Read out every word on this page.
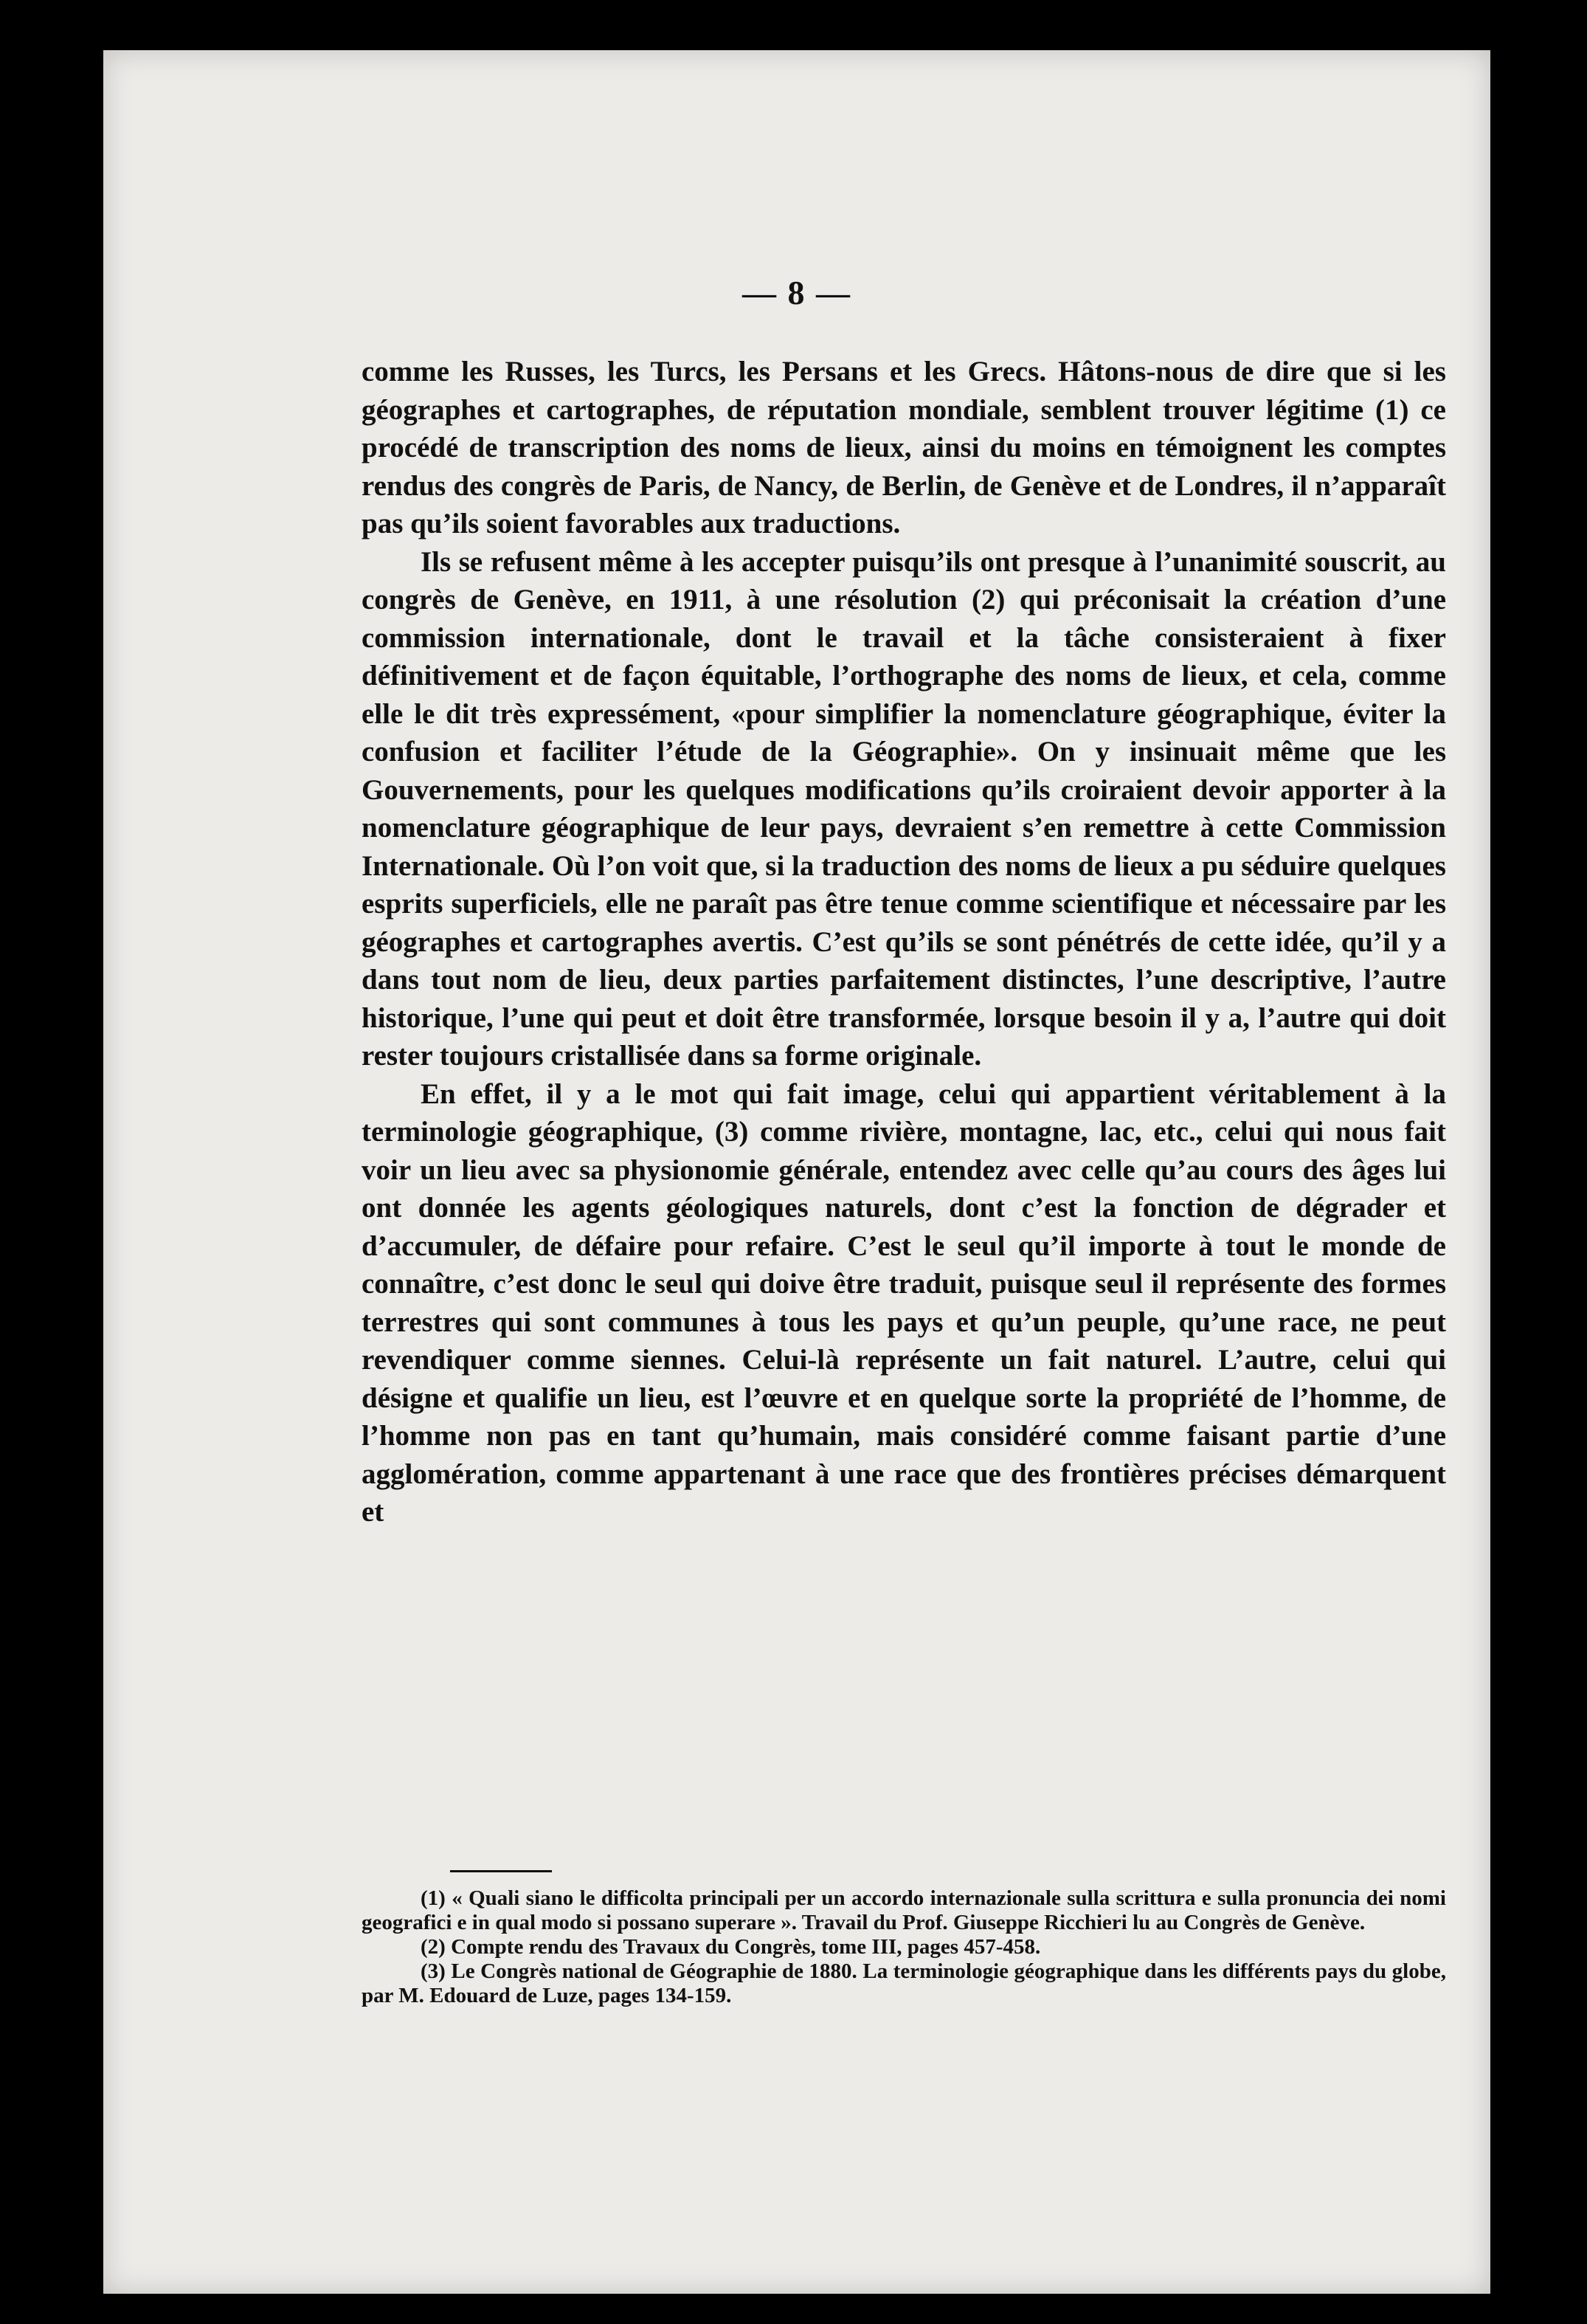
— 8 —

comme les Russes, les Turcs, les Persans et les Grecs. Hâtons-nous de dire que si les géographes et cartographes, de réputation mondiale, semblent trouver légitime (1) ce procédé de transcription des noms de lieux, ainsi du moins en témoignent les comptes rendus des congrès de Paris, de Nancy, de Berlin, de Genève et de Londres, il n’apparaît pas qu’ils soient favorables aux traductions.

Ils se refusent même à les accepter puisqu’ils ont presque à l’unanimité souscrit, au congrès de Genève, en 1911, à une résolution (2) qui préconisait la création d’une commission internationale, dont le travail et la tâche consisteraient à fixer définitivement et de façon équitable, l’orthographe des noms de lieux, et cela, comme elle le dit très expressément, «pour simplifier la nomenclature géographique, éviter la confusion et faciliter l’étude de la Géographie». On y insinuait même que les Gouvernements, pour les quelques modifications qu’ils croiraient devoir apporter à la nomenclature géographique de leur pays, devraient s’en remettre à cette Commission Internationale. Où l’on voit que, si la traduction des noms de lieux a pu séduire quelques esprits superficiels, elle ne paraît pas être tenue comme scientifique et nécessaire par les géographes et cartographes avertis. C’est qu’ils se sont pénétrés de cette idée, qu’il y a dans tout nom de lieu, deux parties parfaitement distinctes, l’une descriptive, l’autre historique, l’une qui peut et doit être transformée, lorsque besoin il y a, l’autre qui doit rester toujours cristallisée dans sa forme originale.

En effet, il y a le mot qui fait image, celui qui appartient véritablement à la terminologie géographique, (3) comme rivière, montagne, lac, etc., celui qui nous fait voir un lieu avec sa physionomie générale, entendez avec celle qu’au cours des âges lui ont donnée les agents géologiques naturels, dont c’est la fonction de dégrader et d’accumuler, de défaire pour refaire. C’est le seul qu’il importe à tout le monde de connaître, c’est donc le seul qui doive être traduit, puisque seul il représente des formes terrestres qui sont communes à tous les pays et qu’un peuple, qu’une race, ne peut revendiquer comme siennes. Celui-là représente un fait naturel. L’autre, celui qui désigne et qualifie un lieu, est l’œuvre et en quelque sorte la propriété de l’homme, de l’homme non pas en tant qu’humain, mais considéré comme faisant partie d’une agglomération, comme appartenant à une race que des frontières précises démarquent et

(1) « Quali siano le difficolta principali per un accordo internazionale sulla scrittura e sulla pronuncia dei nomi geografici e in qual modo si possano superare ». Travail du Prof. Giuseppe Ricchieri lu au Congrès de Genève.

(2) Compte rendu des Travaux du Congrès, tome III, pages 457-458.

(3) Le Congrès national de Géographie de 1880. La terminologie géographique dans les différents pays du globe, par M. Edouard de Luze, pages 134-159.
